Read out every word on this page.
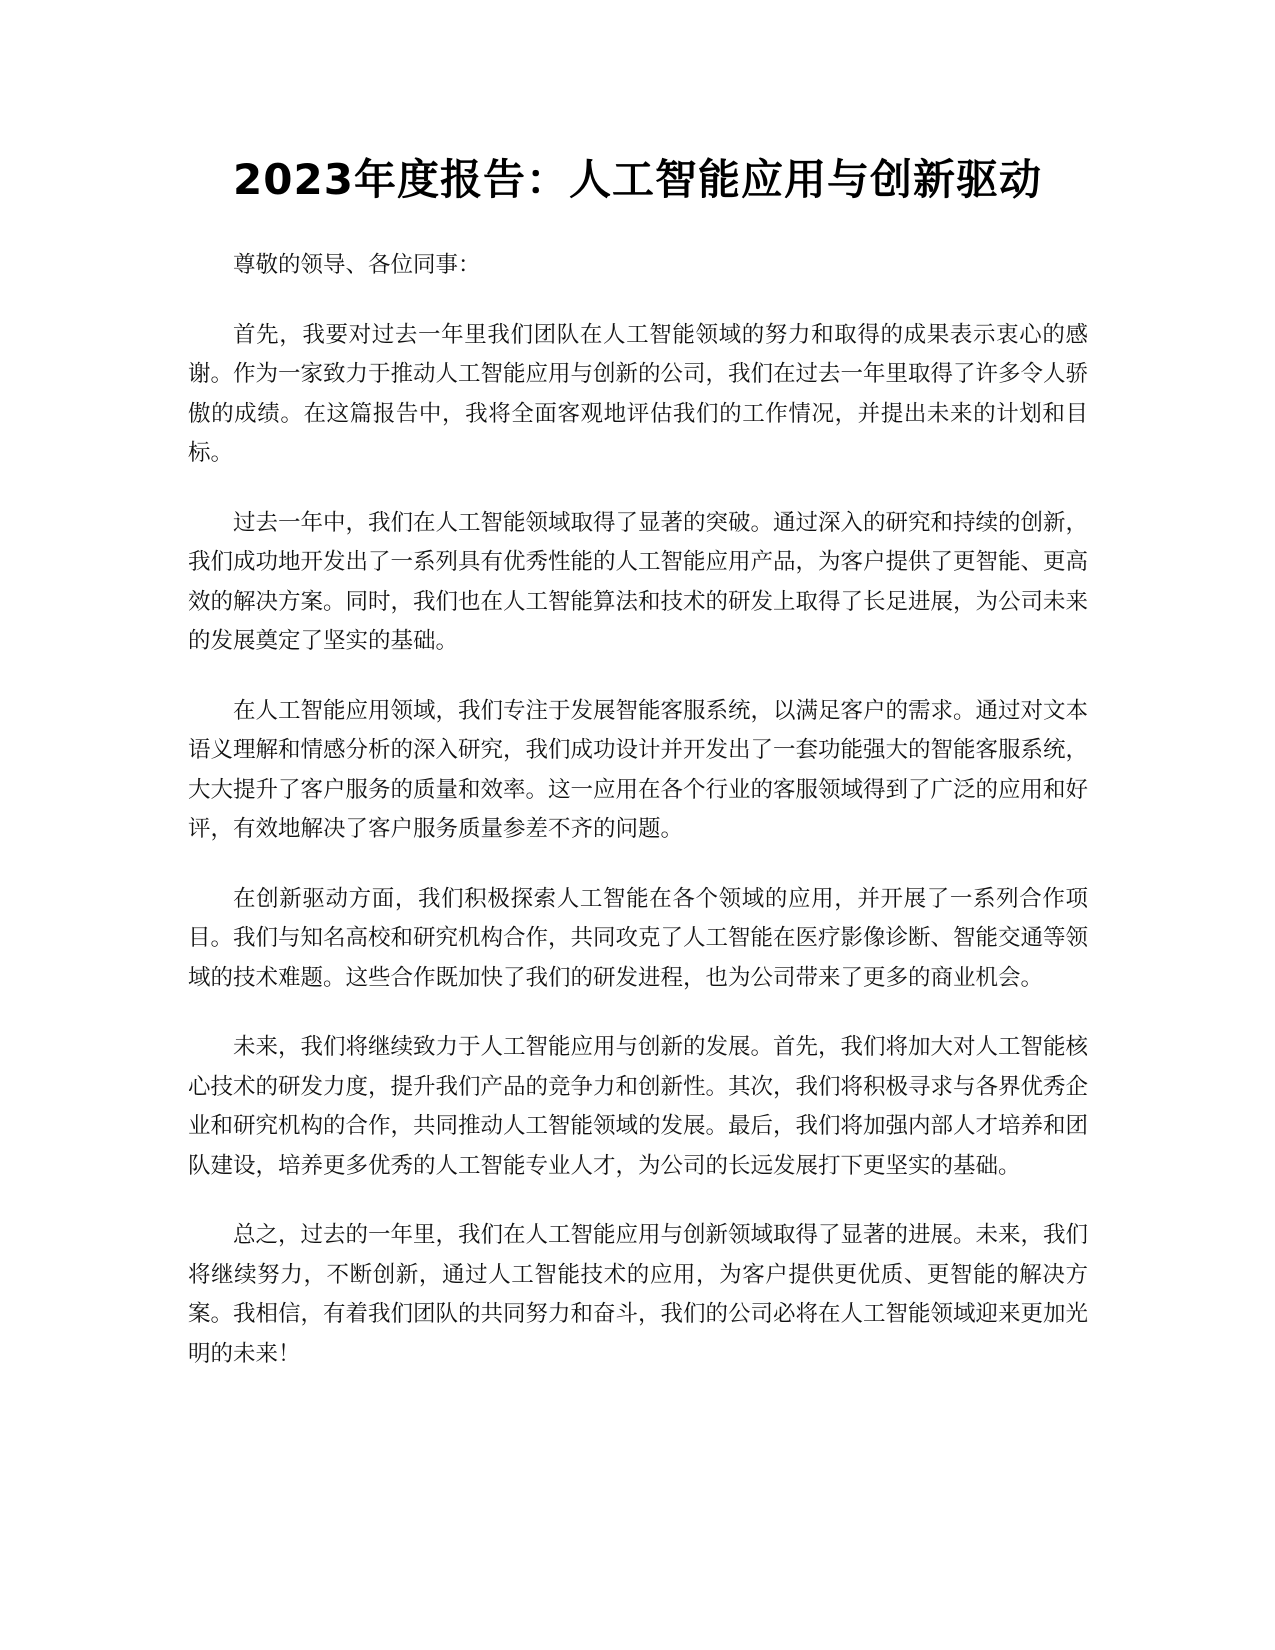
2023年度报告：人工智能应用与创新驱动

尊敬的领导、各位同事：

首先，我要对过去一年里我们团队在人工智能领域的努力和取得的成果表示衷心的感谢。作为一家致力于推动人工智能应用与创新的公司，我们在过去一年里取得了许多令人骄傲的成绩。在这篇报告中，我将全面客观地评估我们的工作情况，并提出未来的计划和目标。

过去一年中，我们在人工智能领域取得了显著的突破。通过深入的研究和持续的创新，我们成功地开发出了一系列具有优秀性能的人工智能应用产品，为客户提供了更智能、更高效的解决方案。同时，我们也在人工智能算法和技术的研发上取得了长足进展，为公司未来的发展奠定了坚实的基础。

在人工智能应用领域，我们专注于发展智能客服系统，以满足客户的需求。通过对文本语义理解和情感分析的深入研究，我们成功设计并开发出了一套功能强大的智能客服系统，大大提升了客户服务的质量和效率。这一应用在各个行业的客服领域得到了广泛的应用和好评，有效地解决了客户服务质量参差不齐的问题。

在创新驱动方面，我们积极探索人工智能在各个领域的应用，并开展了一系列合作项目。我们与知名高校和研究机构合作，共同攻克了人工智能在医疗影像诊断、智能交通等领域的技术难题。这些合作既加快了我们的研发进程，也为公司带来了更多的商业机会。

未来，我们将继续致力于人工智能应用与创新的发展。首先，我们将加大对人工智能核心技术的研发力度，提升我们产品的竞争力和创新性。其次，我们将积极寻求与各界优秀企业和研究机构的合作，共同推动人工智能领域的发展。最后，我们将加强内部人才培养和团队建设，培养更多优秀的人工智能专业人才，为公司的长远发展打下更坚实的基础。

总之，过去的一年里，我们在人工智能应用与创新领域取得了显著的进展。未来，我们将继续努力，不断创新，通过人工智能技术的应用，为客户提供更优质、更智能的解决方案。我相信，有着我们团队的共同努力和奋斗，我们的公司必将在人工智能领域迎来更加光明的未来！
